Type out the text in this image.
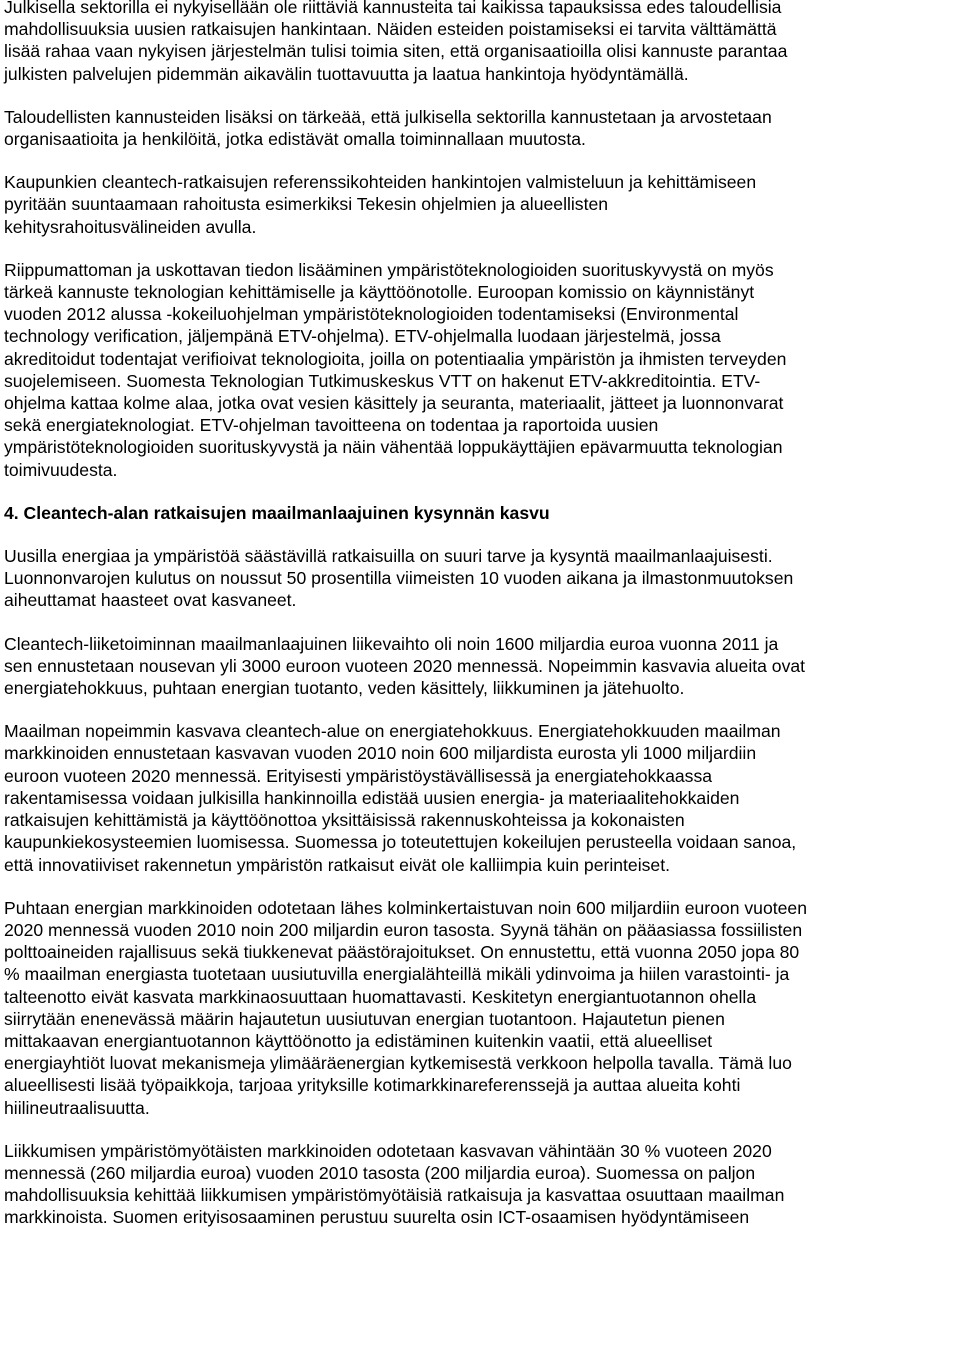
Julkisella sektorilla ei nykyisellään ole riittäviä kannusteita tai kaikissa tapauksissa edes taloudellisia
mahdollisuuksia uusien ratkaisujen hankintaan. Näiden esteiden poistamiseksi ei tarvita välttämättä
lisää rahaa vaan nykyisen järjestelmän tulisi toimia siten, että organisaatioilla olisi kannuste parantaa
julkisten palvelujen pidemmän aikavälin tuottavuutta ja laatua hankintoja hyödyntämällä.
Taloudellisten kannusteiden lisäksi on tärkeää, että julkisella sektorilla kannustetaan ja arvostetaan
organisaatioita ja henkilöitä, jotka edistävät omalla toiminnallaan muutosta.
Kaupunkien cleantech-ratkaisujen referenssikohteiden hankintojen valmisteluun ja kehittämiseen
pyritään suuntaamaan rahoitusta esimerkiksi Tekesin ohjelmien ja alueellisten
kehitysrahoitusvälineiden avulla.
Riippumattoman ja uskottavan tiedon lisääminen ympäristöteknologioiden suorituskyvystä on myös
tärkeä kannuste teknologian kehittämiselle ja käyttöönotolle. Euroopan komissio on käynnistänyt
vuoden 2012 alussa -kokeiluohjelman ympäristöteknologioiden todentamiseksi (Environmental
technology verification, jäljempänä ETV-ohjelma). ETV-ohjelmalla luodaan järjestelmä, jossa
akreditoidut todentajat verifioivat teknologioita, joilla on potentiaalia ympäristön ja ihmisten terveyden
suojelemiseen. Suomesta Teknologian Tutkimuskeskus VTT on hakenut ETV-akkreditointia. ETV-
ohjelma kattaa kolme alaa, jotka ovat vesien käsittely ja seuranta, materiaalit, jätteet ja luonnonvarat
sekä energiateknologiat. ETV-ohjelman tavoitteena on todentaa ja raportoida uusien
ympäristöteknologioiden suorituskyvystä ja näin vähentää loppukäyttäjien epävarmuutta teknologian
toimivuudesta.
4. Cleantech-alan ratkaisujen maailmanlaajuinen kysynnän kasvu
Uusilla energiaa ja ympäristöä säästävillä ratkaisuilla on suuri tarve ja kysyntä maailmanlaajuisesti.
Luonnonvarojen kulutus on noussut 50 prosentilla viimeisten 10 vuoden aikana ja ilmastonmuutoksen
aiheuttamat haasteet ovat kasvaneet.
Cleantech-liiketoiminnan maailmanlaajuinen liikevaihto oli noin 1600 miljardia euroa vuonna 2011 ja
sen ennustetaan nousevan yli 3000 euroon vuoteen 2020 mennessä. Nopeimmin kasvavia alueita ovat
energiatehokkuus, puhtaan energian tuotanto, veden käsittely, liikkuminen ja jätehuolto.
Maailman nopeimmin kasvava cleantech-alue on energiatehokkuus. Energiatehokkuuden maailman
markkinoiden ennustetaan kasvavan vuoden 2010 noin 600 miljardista eurosta yli 1000 miljardiin
euroon vuoteen 2020 mennessä. Erityisesti ympäristöystävällisessä ja energiatehokkaassa
rakentamisessa voidaan julkisilla hankinnoilla edistää uusien energia- ja materiaalitehokkaiden
ratkaisujen kehittämistä ja käyttöönottoa yksittäisissä rakennuskohteissa ja kokonaisten
kaupunkiekosysteemien luomisessa. Suomessa jo toteutettujen kokeilujen perusteella voidaan sanoa,
että innovatiiviset rakennetun ympäristön ratkaisut eivät ole kalliimpia kuin perinteiset.
Puhtaan energian markkinoiden odotetaan lähes kolminkertaistuvan noin 600 miljardiin euroon vuoteen
2020 mennessä vuoden 2010 noin 200 miljardin euron tasosta. Syynä tähän on pääasiassa fossiilisten
polttoaineiden rajallisuus sekä tiukkenevat päästörajoitukset. On ennustettu, että vuonna 2050 jopa 80
% maailman energiasta tuotetaan uusiutuvilla energialähteillä mikäli ydinvoima ja hiilen varastointi- ja
talteenotto eivät kasvata markkinaosuuttaan huomattavasti. Keskitetyn energiantuotannon ohella
siirrytään enenevässä määrin hajautetun uusiutuvan energian tuotantoon. Hajautetun pienen
mittakaavan energiantuotannon käyttöönotto ja edistäminen kuitenkin vaatii, että alueelliset
energiayhtiöt luovat mekanismeja ylimääräenergian kytkemisestä verkkoon helpolla tavalla. Tämä luo
alueellisesti lisää työpaikkoja, tarjoaa yrityksille kotimarkkinareferenssejä ja auttaa alueita kohti
hiilineutraalisuutta.
Liikkumisen ympäristömyötäisten markkinoiden odotetaan kasvavan vähintään 30 % vuoteen 2020
mennessä (260 miljardia euroa) vuoden 2010 tasosta (200 miljardia euroa). Suomessa on paljon
mahdollisuuksia kehittää liikkumisen ympäristömyötäisiä ratkaisuja ja kasvattaa osuuttaan maailman
markkinoista. Suomen erityisosaaminen perustuu suurelta osin ICT-osaamisen hyödyntämiseen
